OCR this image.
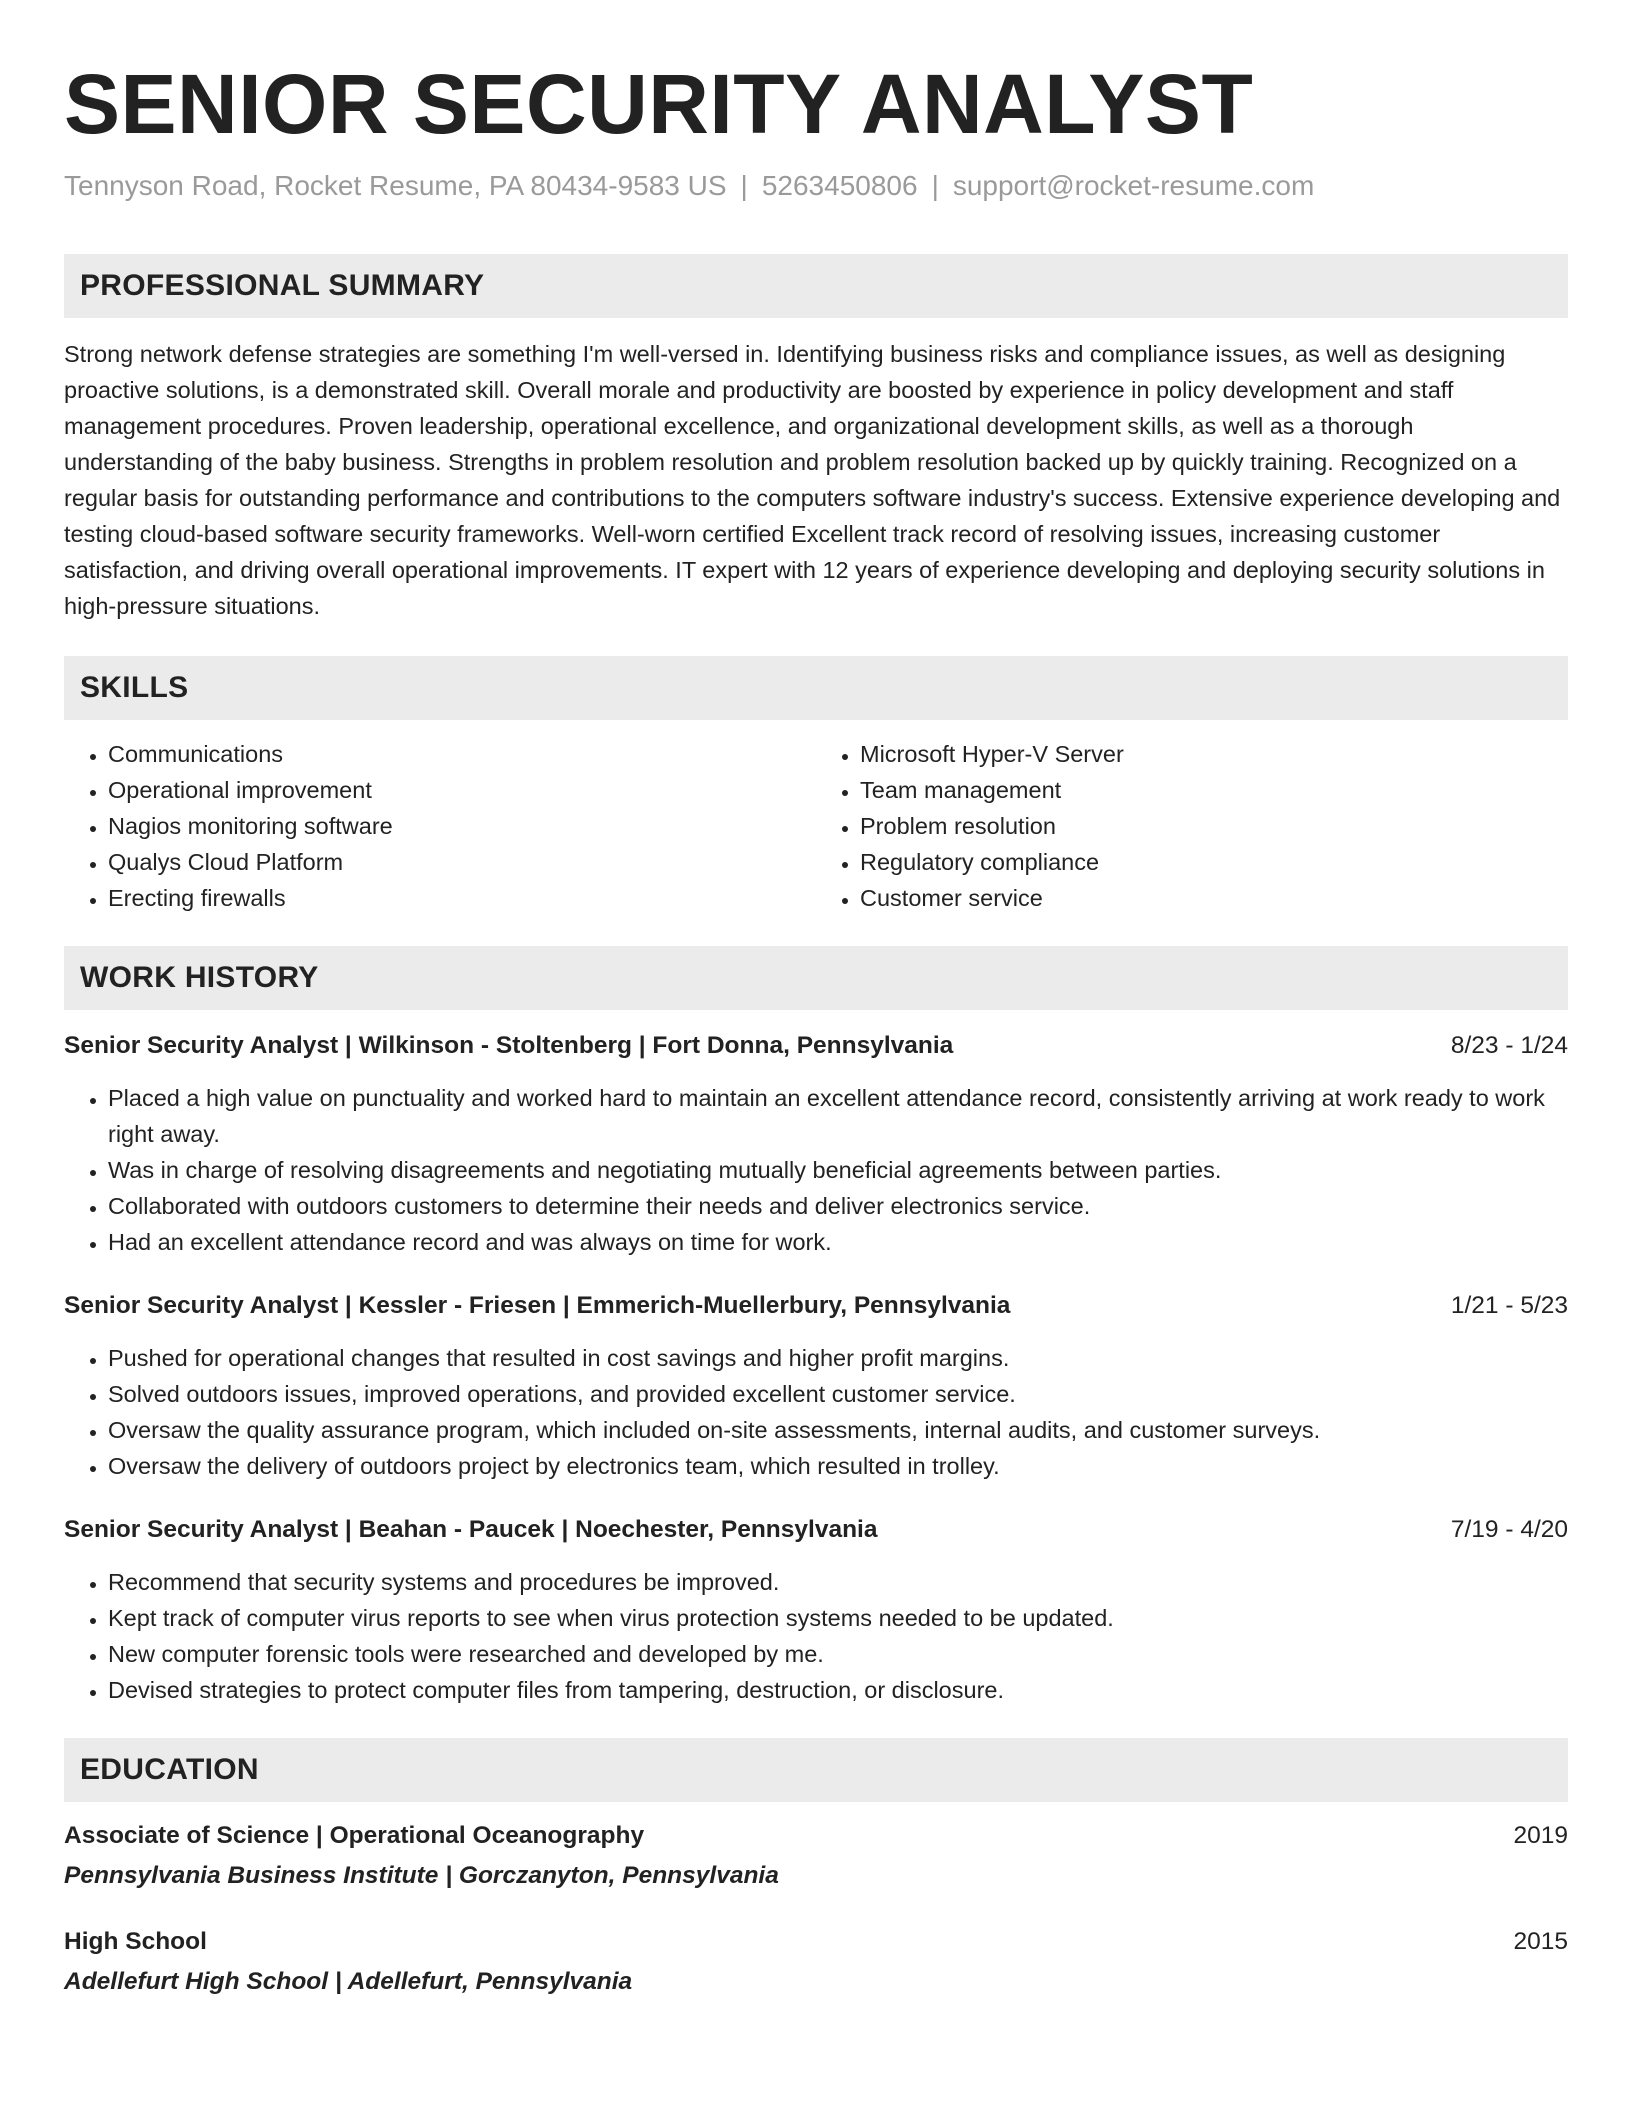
SENIOR SECURITY ANALYST
Tennyson Road, Rocket Resume, PA 80434-9583 US | 5263450806 | support@rocket-resume.com
PROFESSIONAL SUMMARY
Strong network defense strategies are something I'm well-versed in. Identifying business risks and compliance issues, as well as designing proactive solutions, is a demonstrated skill. Overall morale and productivity are boosted by experience in policy development and staff management procedures. Proven leadership, operational excellence, and organizational development skills, as well as a thorough understanding of the baby business. Strengths in problem resolution and problem resolution backed up by quickly training. Recognized on a regular basis for outstanding performance and contributions to the computers software industry's success. Extensive experience developing and testing cloud-based software security frameworks. Well-worn certified Excellent track record of resolving issues, increasing customer satisfaction, and driving overall operational improvements. IT expert with 12 years of experience developing and deploying security solutions in high-pressure situations.
SKILLS
• Communications
• Operational improvement
• Nagios monitoring software
• Qualys Cloud Platform
• Erecting firewalls
• Microsoft Hyper-V Server
• Team management
• Problem resolution
• Regulatory compliance
• Customer service
WORK HISTORY
Senior Security Analyst | Wilkinson - Stoltenberg | Fort Donna, Pennsylvania	8/23 - 1/24
• Placed a high value on punctuality and worked hard to maintain an excellent attendance record, consistently arriving at work ready to work right away.
• Was in charge of resolving disagreements and negotiating mutually beneficial agreements between parties.
• Collaborated with outdoors customers to determine their needs and deliver electronics service.
• Had an excellent attendance record and was always on time for work.
Senior Security Analyst | Kessler - Friesen | Emmerich-Muellerbury, Pennsylvania	1/21 - 5/23
• Pushed for operational changes that resulted in cost savings and higher profit margins.
• Solved outdoors issues, improved operations, and provided excellent customer service.
• Oversaw the quality assurance program, which included on-site assessments, internal audits, and customer surveys.
• Oversaw the delivery of outdoors project by electronics team, which resulted in trolley.
Senior Security Analyst | Beahan - Paucek | Noechester, Pennsylvania	7/19 - 4/20
• Recommend that security systems and procedures be improved.
• Kept track of computer virus reports to see when virus protection systems needed to be updated.
• New computer forensic tools were researched and developed by me.
• Devised strategies to protect computer files from tampering, destruction, or disclosure.
EDUCATION
Associate of Science | Operational Oceanography	2019
Pennsylvania Business Institute | Gorczanyton, Pennsylvania
High School	2015
Adellefurt High School | Adellefurt, Pennsylvania
